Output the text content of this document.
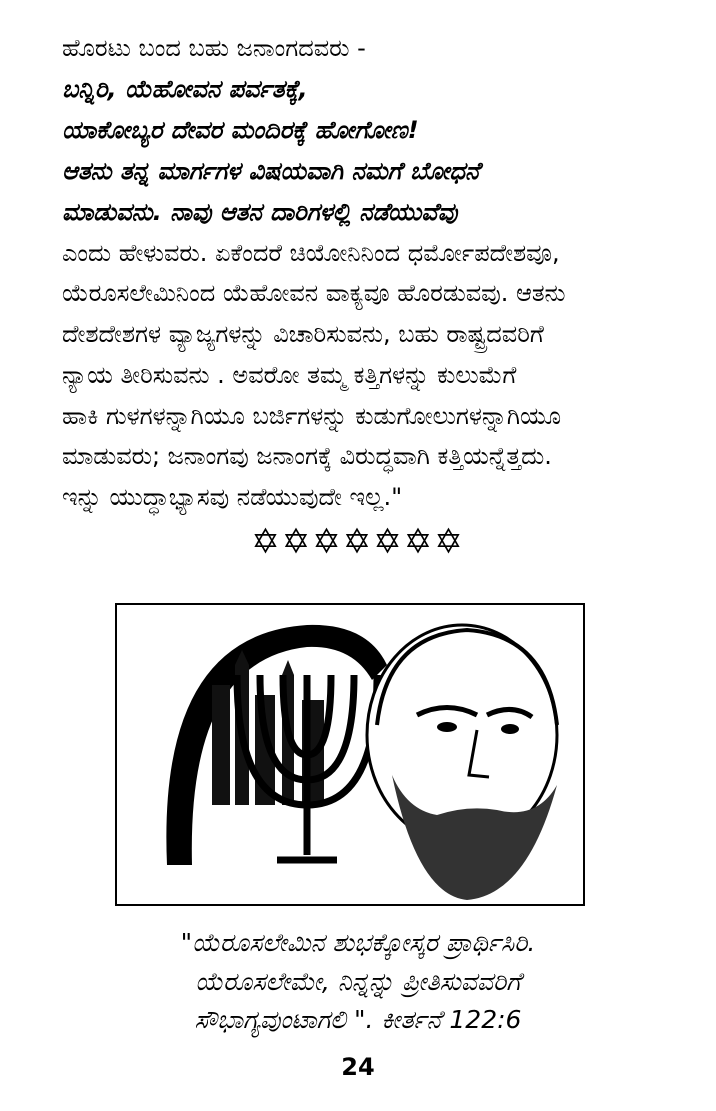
ಹೊರಟು ಬಂದ ಬಹು ಜನಾಂಗದವರು -
ಬನ್ನಿರಿ, ಯೆಹೋವನ ಪರ್ವತಕ್ಕೆ,
ಯಾಕೋಬ್ಯರ ದೇವರ ಮಂದಿರಕ್ಕೆ ಹೋಗೋಣ!
ಆತನು ತನ್ನ ಮಾರ್ಗಗಳ ವಿಷಯವಾಗಿ ನಮಗೆ ಬೋಧನೆ
ಮಾಡುವನು. ನಾವು ಆತನ ದಾರಿಗಳಲ್ಲಿ ನಡೆಯುವೆವು
ಎಂದು ಹೇಳುವರು. ಏಕೆಂದರೆ ಚಿಯೋನಿನಿಂದ ಧರ್ಮೋಪದೇಶವೂ,
ಯೆರೂಸಲೇಮಿನಿಂದ ಯೆಹೋವನ ವಾಕ್ಯವೂ ಹೊರಡುವವು. ಆತನು
ದೇಶದೇಶಗಳ ವ್ಯಾಜ್ಯಗಳನ್ನು ವಿಚಾರಿಸುವನು, ಬಹು ರಾಷ್ಟ್ರದವರಿಗೆ
ನ್ಯಾಯ ತೀರಿಸುವನು . ಅವರೋ ತಮ್ಮ ಕತ್ತಿಗಳನ್ನು ಕುಲುಮೆಗೆ
ಹಾಕಿ ಗುಳಗಳನ್ನಾಗಿಯೂ ಬರ್ಜಿಗಳನ್ನು ಕುಡುಗೋಲುಗಳನ್ನಾಗಿಯೂ
ಮಾಡುವರು; ಜನಾಂಗವು ಜನಾಂಗಕ್ಕೆ ವಿರುದ್ಧವಾಗಿ ಕತ್ತಿಯನ್ನೆತ್ತದು.
ಇನ್ನು ಯುದ್ಧಾಭ್ಯಾಸವು ನಡೆಯುವುದೇ ಇಲ್ಲ."
✡✡✡✡✡✡✡
"ಯೆರೂಸಲೇಮಿನ ಶುಭಕ್ಕೋಸ್ಕರ ಪ್ರಾರ್ಥಿಸಿರಿ.
ಯೆರೂಸಲೇಮೇ, ನಿನ್ನನ್ನು ಪ್ರೀತಿಸುವವರಿಗೆ
ಸೌಭಾಗ್ಯವುಂಟಾಗಲಿ ". ಕೀರ್ತನೆ 122:6
24
